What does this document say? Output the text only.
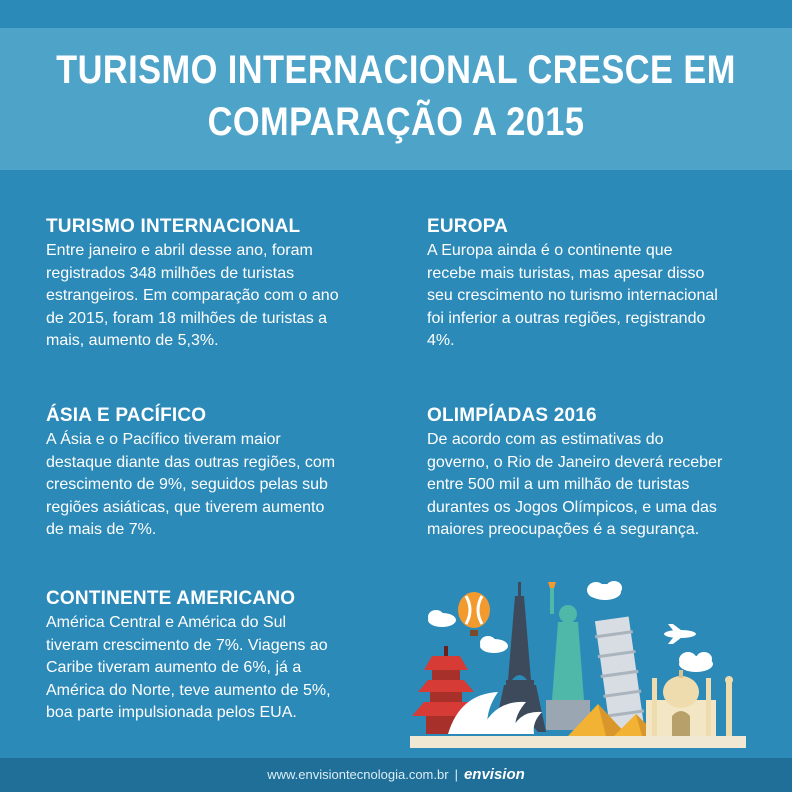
TURISMO INTERNACIONAL CRESCE EM
COMPARAÇÃO A 2015
TURISMO INTERNACIONAL

Entre janeiro e abril desse ano, foram
registrados 348 milhões de turistas
estrangeiros. Em comparação com o ano
de 2015, foram 18 milhões de turistas a
mais, aumento de 5,3%.

EUROPA

A Europa ainda é o continente que
recebe mais turistas, mas apesar disso
seu crescimento no turismo internacional
foi inferior a outras regiões, registrando
4%.

ÁSIA E PACÍFICO

A Ásia e o Pacífico tiveram maior
destaque diante das outras regiões, com
crescimento de 9%, seguidos pelas sub
regiões asiáticas, que tiverem aumento
de mais de 7%.

OLIMPÍADAS 2016

De acordo com as estimativas do
governo, o Rio de Janeiro deverá receber
entre 500 mil a um milhão de turistas
durantes os Jogos Olímpicos, e uma das
maiores preocupações é a segurança.

CONTINENTE AMERICANO

América Central e América do Sul
tiveram crescimento de 7%. Viagens ao
Caribe tiveram aumento de 6%, já a
América do Norte, teve aumento de 5%,
boa parte impulsionada pelos EUA.

www.envisiontecnologia.com.br | envision
